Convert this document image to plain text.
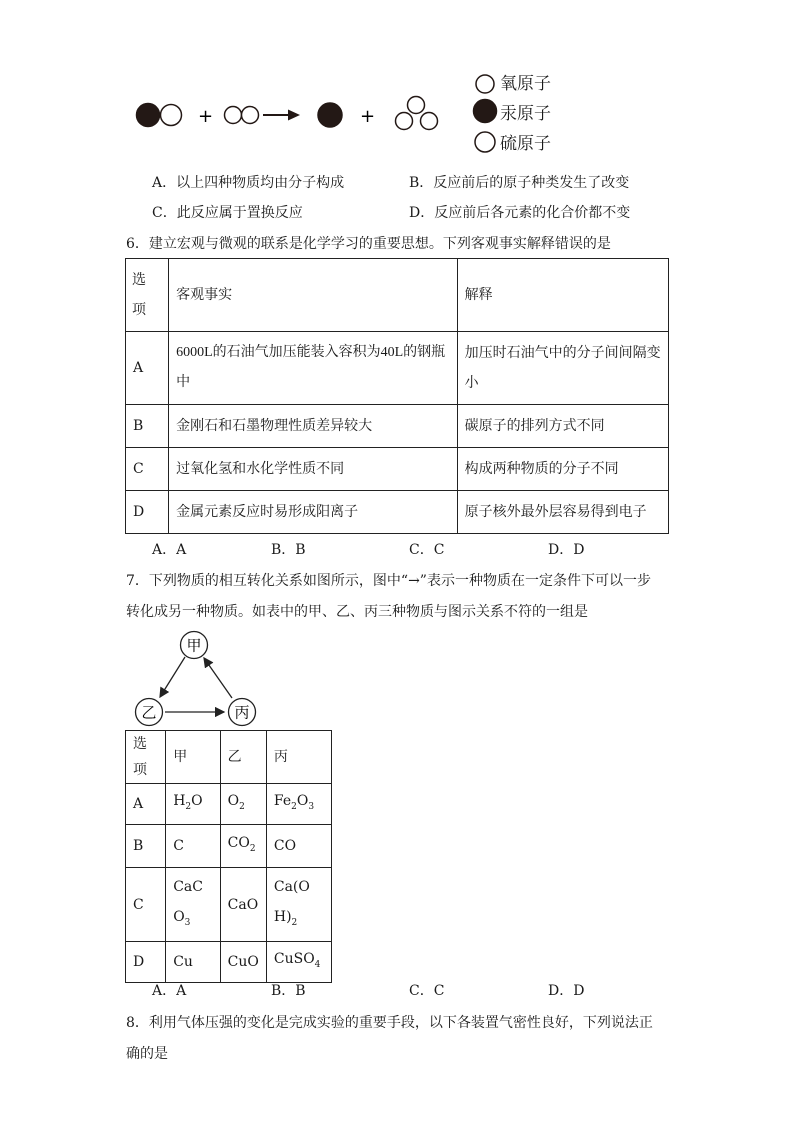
+	+
氧原子
汞原子
硫原子
A．以上四种物质均由分子构成	B．反应前后的原子种类发生了改变
C．此反应属于置换反应	D．反应前后各元素的化合价都不变
6．建立宏观与微观的联系是化学学习的重要思想。下列客观事实解释错误的是
选项	客观事实	解释
A	6000L的石油气加压能装入容积为40L的钢瓶中	加压时石油气中的分子间间隔变小

B	金刚石和石墨物理性质差异较大	碳原子的排列方式不同
C	过氧化氢和水化学性质不同	构成两种物质的分子不同
D	金属元素反应时易形成阳离子	原子核外最外层容易得到电子
A．A	B．B	C．C	D．D
7．下列物质的相互转化关系如图所示，图中“→”表示一种物质在一定条件下可以一步
转化成另一种物质。如表中的甲、乙、丙三种物质与图示关系不符的一组是
甲
乙	丙
选项	甲	乙	丙
A	$H_2O$	$O_2$	$Fe_2O_3$
B	C	$CO_2$	CO
C	CaCO$_3$	CaO	$Ca(OH)_2$
D	Cu	CuO	CuSO$_4$
A．A	B．B	C．C	D．D
8．利用气体压强的变化是完成实验的重要手段，以下各装置气密性良好，下列说法正
确的是
